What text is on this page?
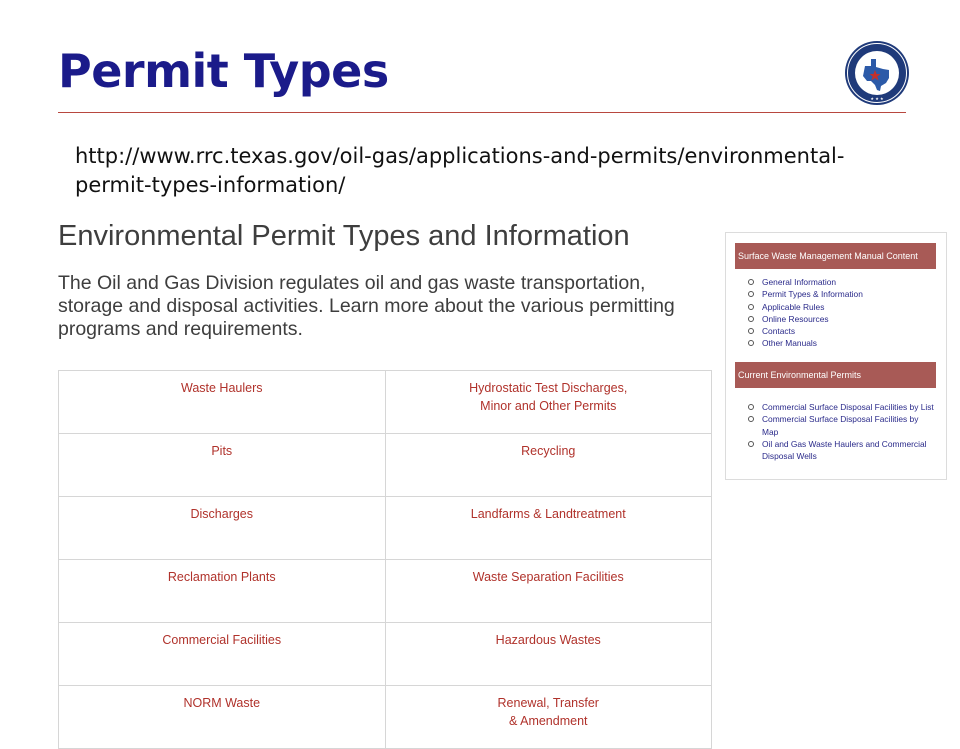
Permit Types
★ ★ ★
http://www.rrc.texas.gov/oil-gas/applications-and-permits/environmental-permit-types-information/
Environmental Permit Types and Information

The Oil and Gas Division regulates oil and gas waste transportation, storage and disposal activities. Learn more about the various permitting programs and requirements.

Waste Haulers	Hydrostatic Test Discharges,
Minor and Other Permits
Pits	Recycling
Discharges	Landfarms & Landtreatment
Reclamation Plants	Waste Separation Facilities
Commercial Facilities	Hazardous Wastes
NORM Waste	Renewal, Transfer
& Amendment
Surface Waste Management Manual Content
General Information
Permit Types & Information
Applicable Rules
Online Resources
Contacts
Other Manuals
Current Environmental Permits
Commercial Surface Disposal Facilities by List
Commercial Surface Disposal Facilities by Map
Oil and Gas Waste Haulers and Commercial Disposal Wells
